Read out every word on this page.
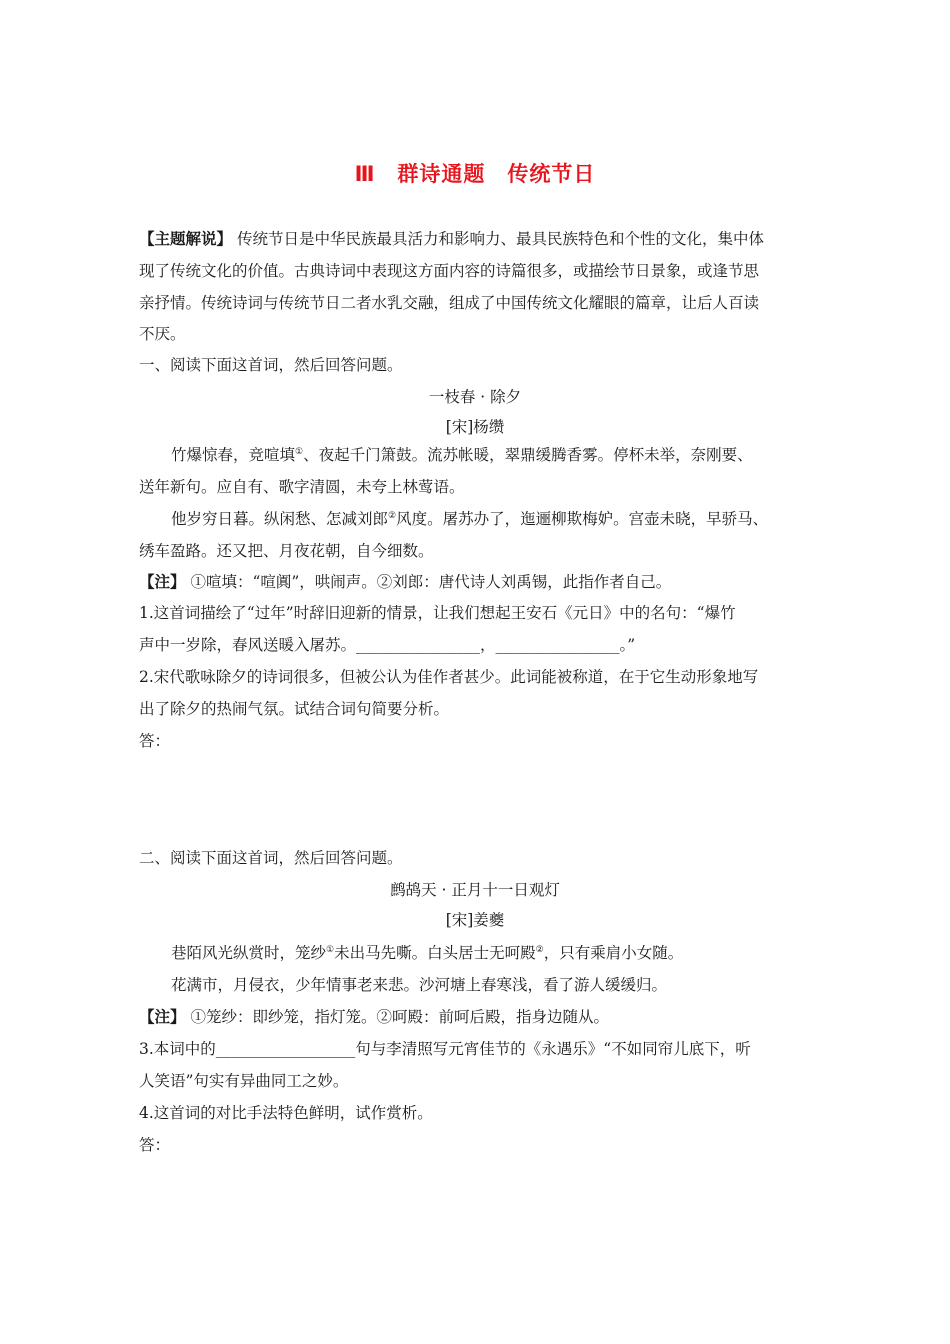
Ⅲ　群诗通题　传统节日
【主题解说】 传统节日是中华民族最具活力和影响力、最具民族特色和个性的文化，集中体
现了传统文化的价值。古典诗词中表现这方面内容的诗篇很多，或描绘节日景象，或逢节思
亲抒情。传统诗词与传统节日二者水乳交融，组成了中国传统文化耀眼的篇章，让后人百读
不厌。
一、阅读下面这首词，然后回答问题。
一枝春 · 除夕
[宋]杨缵
竹爆惊春，竞喧填①、夜起千门箫鼓。流苏帐暖，翠鼎缓腾香雾。停杯未举，奈刚要、
送年新句。应自有、歌字清圆，未夸上林莺语。
他岁穷日暮。纵闲愁、怎减刘郎②风度。屠苏办了，迤逦柳欺梅妒。宫壶未晓，早骄马、
绣车盈路。还又把、月夜花朝，自今细数。
【注】 ①喧填：“喧阗”，哄闹声。②刘郎：唐代诗人刘禹锡，此指作者自己。
1.这首词描绘了“过年”时辞旧迎新的情景，让我们想起王安石《元日》中的名句：“爆竹
声中一岁除，春风送暖入屠苏。________________，________________。”
2.宋代歌咏除夕的诗词很多，但被公认为佳作者甚少。此词能被称道，在于它生动形象地写
出了除夕的热闹气氛。试结合词句简要分析。
答：
二、阅读下面这首词，然后回答问题。
鹧鸪天 · 正月十一日观灯
[宋]姜夔
巷陌风光纵赏时，笼纱①未出马先嘶。白头居士无呵殿②，只有乘肩小女随。
花满市，月侵衣，少年情事老来悲。沙河塘上春寒浅，看了游人缓缓归。
【注】 ①笼纱：即纱笼，指灯笼。②呵殿：前呵后殿，指身边随从。
3.本词中的__________________句与李清照写元宵佳节的《永遇乐》“不如同帘儿底下，听
人笑语”句实有异曲同工之妙。
4.这首词的对比手法特色鲜明，试作赏析。
答：
